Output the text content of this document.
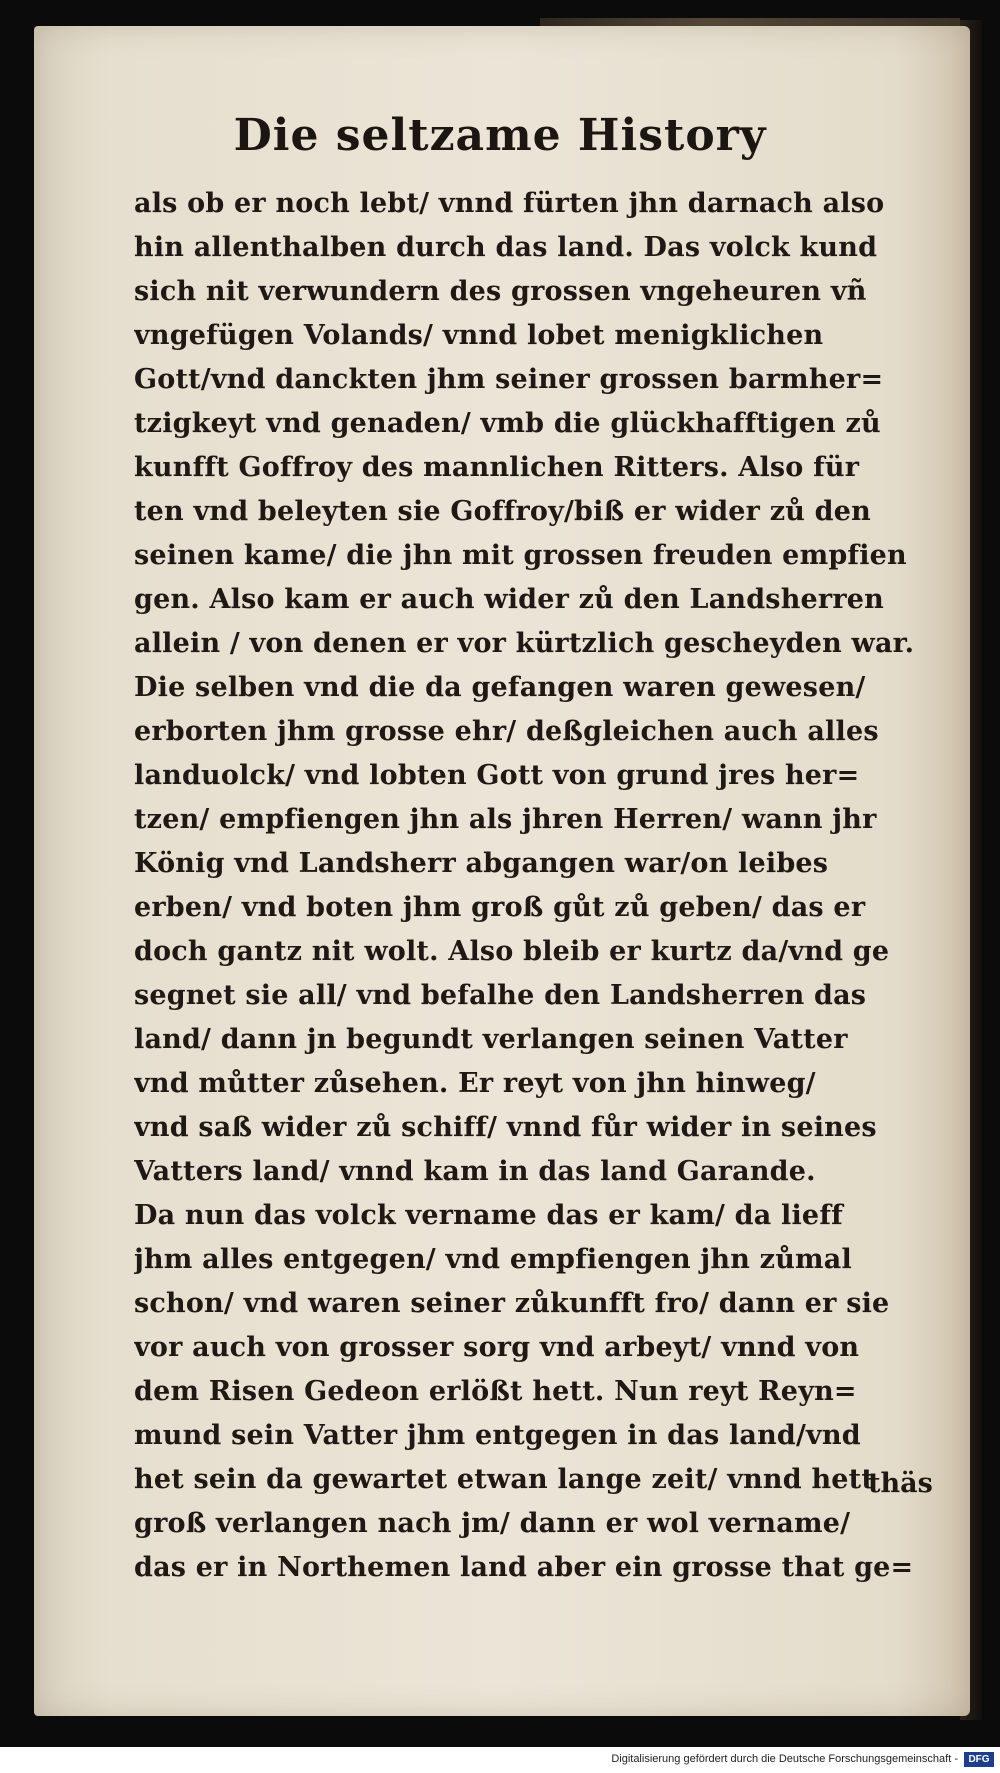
Die seltzame History
als ob er noch lebt/ vnnd fürten jhn darnach also
hin allenthalben durch das land. Das volck kund
sich nit verwundern des grossen vngeheuren vñ
vngefügen Volands/ vnnd lobet menigklichen
Gott/vnd danckten jhm seiner grossen barmher=
tzigkeyt vnd genaden/ vmb die glückhafftigen zů
kunfft Goffroy des mannlichen Ritters. Also für
ten vnd beleyten sie Goffroy/biß er wider zů den
seinen kame/ die jhn mit grossen freuden empfien
gen. Also kam er auch wider zů den Landsherren
allein / von denen er vor kürtzlich gescheyden war.
Die selben vnd die da gefangen waren gewesen/
erborten jhm grosse ehr/ deßgleichen auch alles
landuolck/ vnd lobten Gott von grund jres her=
tzen/ empfiengen jhn als jhren Herren/ wann jhr
König vnd Landsherr abgangen war/on leibes
erben/ vnd boten jhm groß gůt zů geben/ das er
doch gantz nit wolt. Also bleib er kurtz da/vnd ge
segnet sie all/ vnd befalhe den Landsherren das
land/ dann jn begundt verlangen seinen Vatter
vnd můtter zůsehen. Er reyt von jhn hinweg/
vnd saß wider zů schiff/ vnnd fůr wider in seines
Vatters land/ vnnd kam in das land Garande.
Da nun das volck vername das er kam/ da lieff
jhm alles entgegen/ vnd empfiengen jhn zůmal
schon/ vnd waren seiner zůkunfft fro/ dann er sie
vor auch von grosser sorg vnd arbeyt/ vnnd von
dem Risen Gedeon erlößt hett. Nun reyt Reyn=
mund sein Vatter jhm entgegen in das land/vnd
het sein da gewartet etwan lange zeit/ vnnd hett
groß verlangen nach jm/ dann er wol vername/
das er in Northemen land aber ein grosse that ge=
thäs
Digitalisierung gefördert durch die Deutsche Forschungsgemeinschaft -	DFG
